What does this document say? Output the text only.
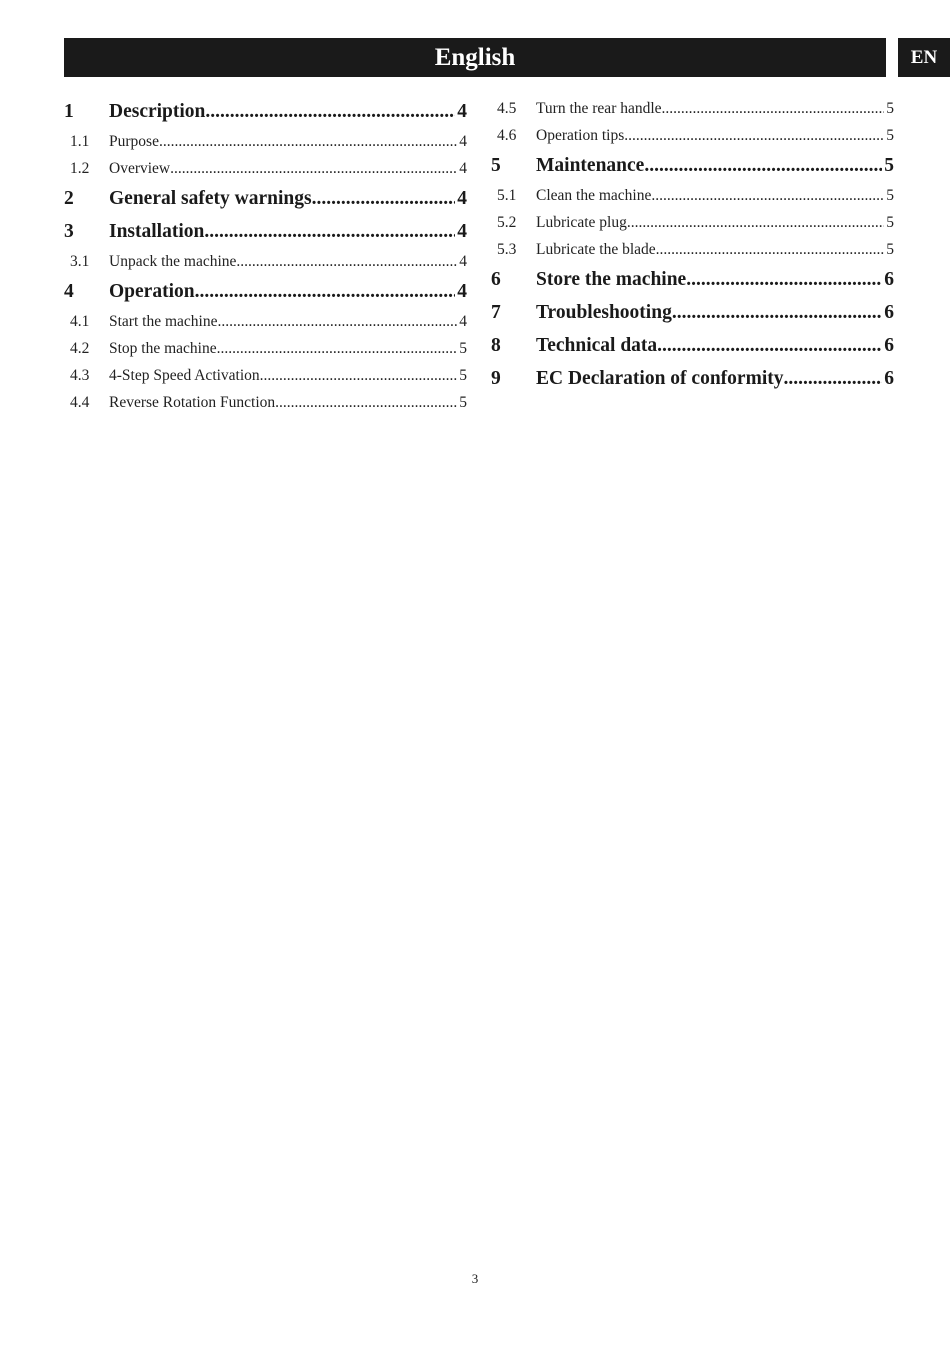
English	EN
1	Description .....	4
1.1	Purpose .....	4
1.2	Overview .....	4
2	General safety warnings .....	4
3	Installation .....	4
3.1	Unpack the machine .....	4
4	Operation .....	4
4.1	Start the machine .....	4
4.2	Stop the machine .....	5
4.3	4-Step Speed Activation .....	5
4.4	Reverse Rotation Function .....	5
4.5	Turn the rear handle .....	5
4.6	Operation tips .....	5
5	Maintenance .....	5
5.1	Clean the machine .....	5
5.2	Lubricate plug .....	5
5.3	Lubricate the blade .....	5
6	Store the machine .....	6
7	Troubleshooting .....	6
8	Technical data .....	6
9	EC Declaration of conformity .....	6
3
